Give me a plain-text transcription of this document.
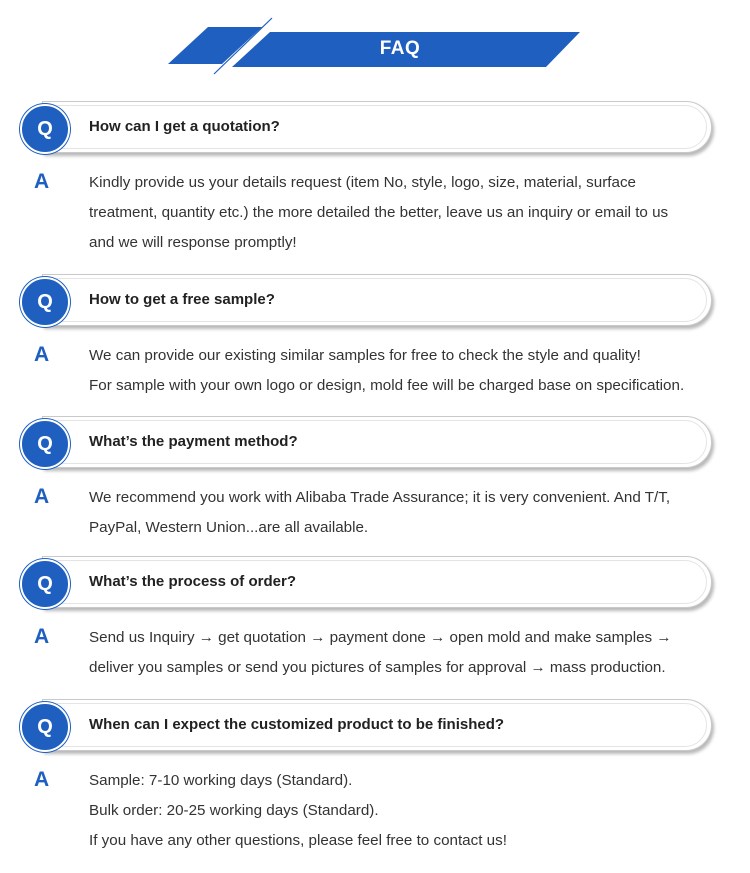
FAQ
Q	How can I get a quotation?
A	Kindly provide us your details request (item No, style, logo, size, material, surface
treatment, quantity etc.) the more detailed the better, leave us an inquiry or email to us
and we will response promptly!
Q	How to get a free sample?
A	We can provide our existing similar samples for free to check the style and quality!
For sample with your own logo or design, mold fee will be charged base on specification.
Q	What’s the payment method?
A	We recommend you work with Alibaba Trade Assurance; it is very convenient. And T/T,
PayPal, Western Union...are all available.
Q	What’s the process of order?
A	Send us Inquiry → get quotation → payment done → open mold and make samples →
deliver you samples or send you pictures of samples for approval → mass production.
Q	When can I expect the customized product to be finished?
A	Sample: 7-10 working days (Standard).
Bulk order: 20-25 working days (Standard).
If you have any other questions, please feel free to contact us!
